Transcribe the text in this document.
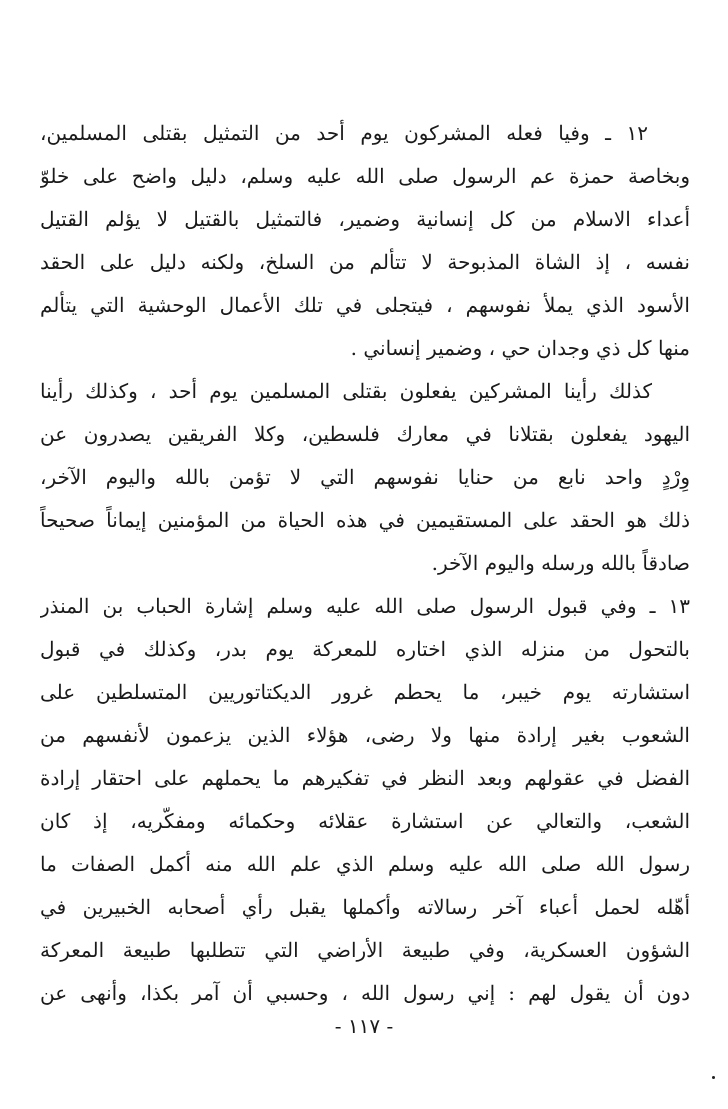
١٢ ـ وفيا فعله المشركون يوم أحد من التمثيل بقتلى المسلمين،
وبخاصة حمزة عم الرسول صلى الله عليه وسلم، دليل واضح على خلوّ
أعداء الاسلام من كل إنسانية وضمير، فالتمثيل بالقتيل لا يؤلم القتيل
نفسه ، إذ الشاة المذبوحة لا تتألم من السلخ، ولكنه دليل على الحقد
الأسود الذي يملأ نفوسهم ، فيتجلى في تلك الأعمال الوحشية التي يتألم
منها كل ذي وجدان حي ، وضمير إنساني .
كذلك رأينا المشركين يفعلون بقتلى المسلمين يوم أحد ، وكذلك رأينا
اليهود يفعلون بقتلانا في معارك فلسطين، وكلا الفريقين يصدرون عن
وِرْدٍ واحد نابع من حنايا نفوسهم التي لا تؤمن بالله واليوم الآخر،
ذلك هو الحقد على المستقيمين في هذه الحياة من المؤمنين إيماناً صحيحاً
صادقاً بالله ورسله واليوم الآخر.
١٣ ـ وفي قبول الرسول صلى الله عليه وسلم إشارة الحباب بن المنذر
بالتحول من منزله الذي اختاره للمعركة يوم بدر، وكذلك في قبول
استشارته يوم خيبر، ما يحطم غرور الديكتاتوريين المتسلطين على
الشعوب بغير إرادة منها ولا رضى، هؤلاء الذين يزعمون لأنفسهم من
الفضل في عقولهم وبعد النظر في تفكيرهم ما يحملهم على احتقار إرادة
الشعب، والتعالي عن استشارة عقلائه وحكمائه ومفكّريه، إذ كان
رسول الله صلى الله عليه وسلم الذي علم الله منه أكمل الصفات ما
أهّله لحمل أعباء آخر رسالاته وأكملها يقبل رأي أصحابه الخبيرين في
الشؤون العسكرية، وفي طبيعة الأراضي التي تتطلبها طبيعة المعركة
دون أن يقول لهم : إني رسول الله ، وحسبي أن آمر بكذا، وأنهى عن
- ١١٧ -
